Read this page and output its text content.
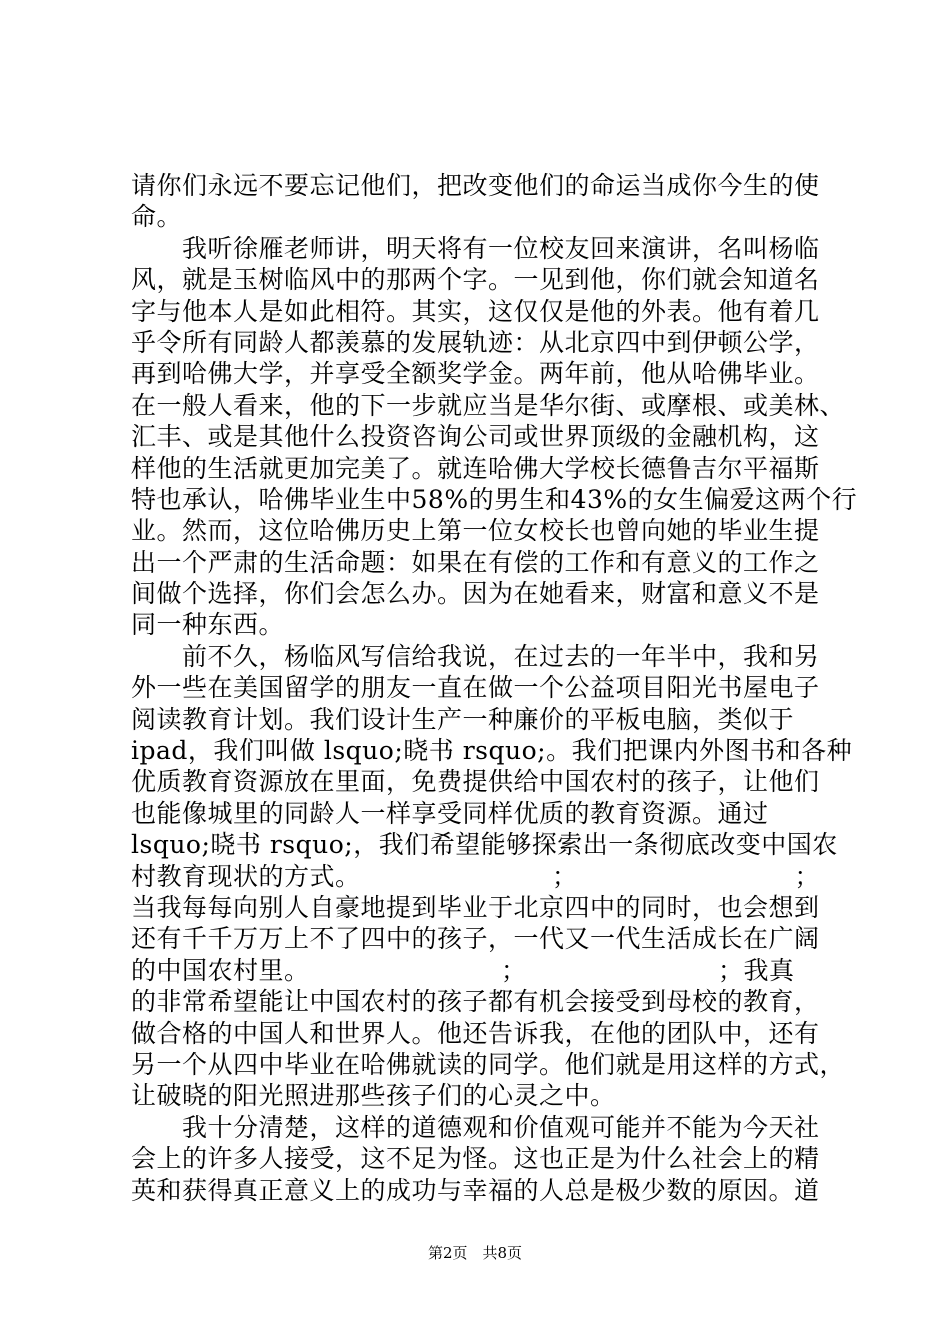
请你们永远不要忘记他们，把改变他们的命运当成你今生的使
命。
　　我听徐雁老师讲，明天将有一位校友回来演讲，名叫杨临
风，就是玉树临风中的那两个字。一见到他，你们就会知道名
字与他本人是如此相符。其实，这仅仅是他的外表。他有着几
乎令所有同龄人都羡慕的发展轨迹：从北京四中到伊顿公学，
再到哈佛大学，并享受全额奖学金。两年前，他从哈佛毕业。
在一般人看来，他的下一步就应当是华尔街、或摩根、或美林、
汇丰、或是其他什么投资咨询公司或世界顶级的金融机构，这
样他的生活就更加完美了。就连哈佛大学校长德鲁吉尔平福斯
特也承认，哈佛毕业生中58%的男生和43%的女生偏爱这两个行
业。然而，这位哈佛历史上第一位女校长也曾向她的毕业生提
出一个严肃的生活命题：如果在有偿的工作和有意义的工作之
间做个选择，你们会怎么办。因为在她看来，财富和意义不是
同一种东西。
　　前不久，杨临风写信给我说，在过去的一年半中，我和另
外一些在美国留学的朋友一直在做一个公益项目阳光书屋电子
阅读教育计划。我们设计生产一种廉价的平板电脑，类似于
ipad，我们叫做 lsquo;晓书 rsquo;。我们把课内外图书和各种
优质教育资源放在里面，免费提供给中国农村的孩子，让他们
也能像城里的同龄人一样享受同样优质的教育资源。通过
lsquo;晓书 rsquo;，我们希望能够探索出一条彻底改变中国农
村教育现状的方式。　　　　　　　　；　　　　　　　　　；
当我每每向别人自豪地提到毕业于北京四中的同时，也会想到
还有千千万万上不了四中的孩子，一代又一代生活成长在广阔
的中国农村里。　　　　　　　　；　　　　　　　　；我真
的非常希望能让中国农村的孩子都有机会接受到母校的教育，
做合格的中国人和世界人。他还告诉我，在他的团队中，还有
另一个从四中毕业在哈佛就读的同学。他们就是用这样的方式，
让破晓的阳光照进那些孩子们的心灵之中。
　　我十分清楚，这样的道德观和价值观可能并不能为今天社
会上的许多人接受，这不足为怪。这也正是为什么社会上的精
英和获得真正意义上的成功与幸福的人总是极少数的原因。道
第2页　共8页
